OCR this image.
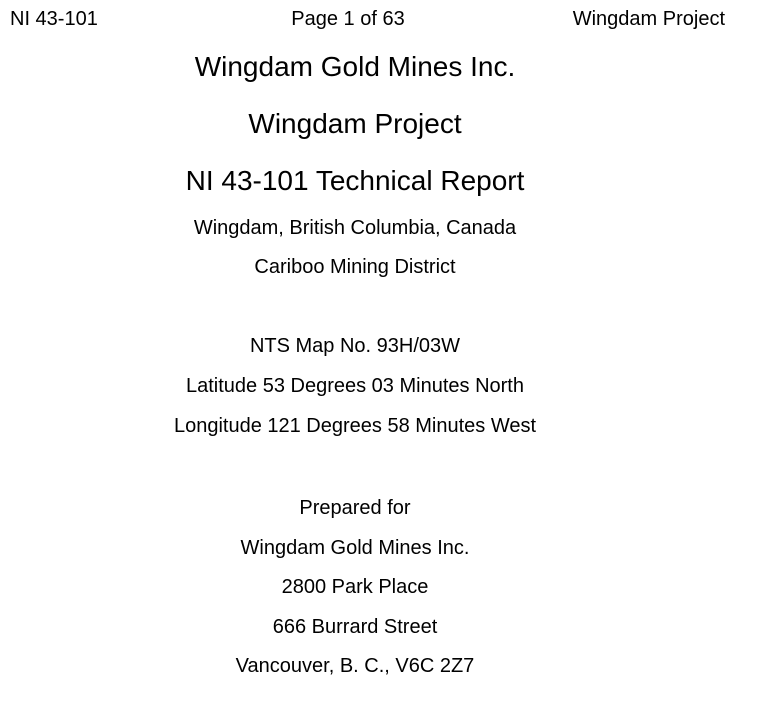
NI 43-101	Page 1 of 63	Wingdam Project
Wingdam Gold Mines Inc.
Wingdam Project
NI 43-101 Technical Report
Wingdam, British Columbia, Canada
Cariboo Mining District
NTS Map No. 93H/03W
Latitude 53 Degrees 03 Minutes North
Longitude 121 Degrees 58 Minutes West
Prepared for
Wingdam Gold Mines Inc.
2800 Park Place
666 Burrard Street
Vancouver, B. C., V6C 2Z7
